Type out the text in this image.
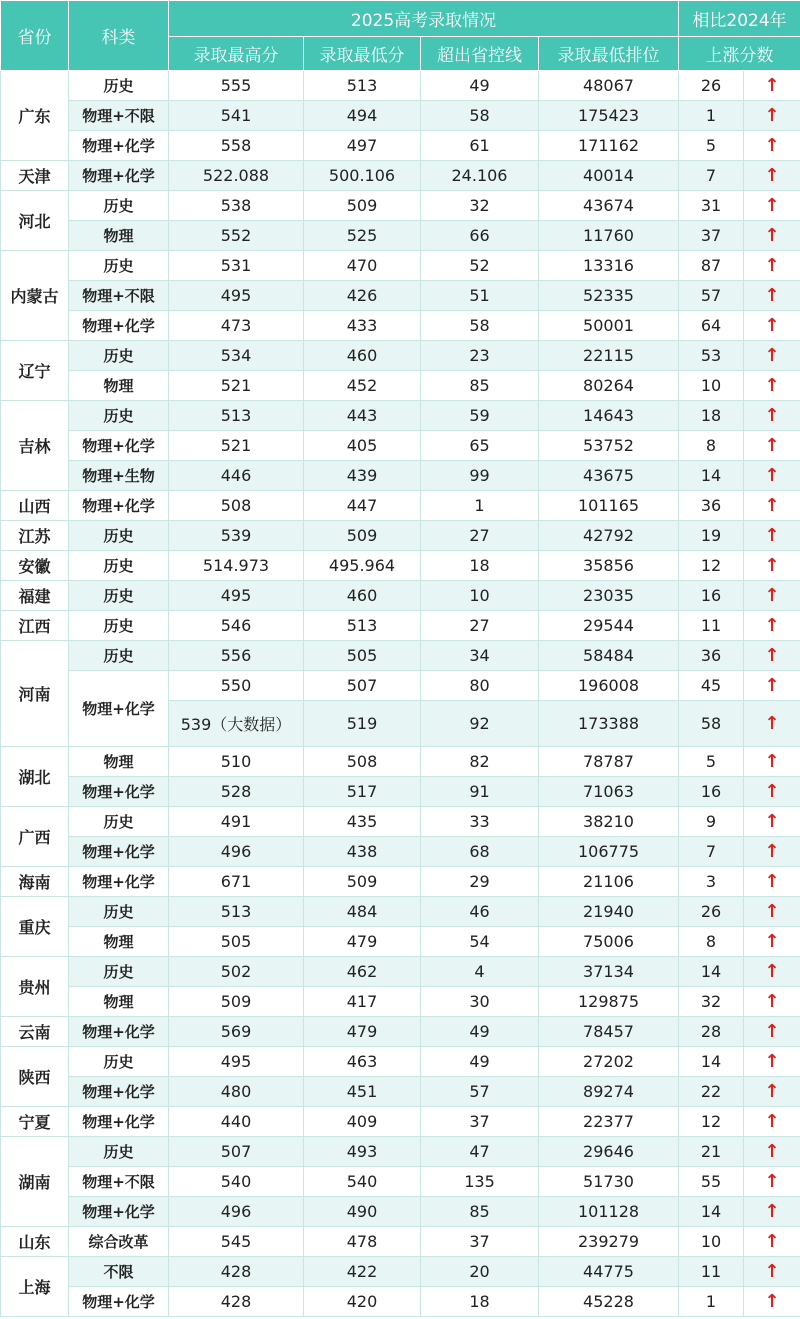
省份	科类	2025高考录取情况				相比2024年	
		录取最高分	录取最低分	超出省控线	录取最低排位	上涨分数	
广东	历史	555	513	49	48067	26	↑
	物理+不限	541	494	58	175423	1	↑
	物理+化学	558	497	61	171162	5	↑
天津	物理+化学	522.088	500.106	24.106	40014	7	↑
河北	历史	538	509	32	43674	31	↑
	物理	552	525	66	11760	37	↑
内蒙古	历史	531	470	52	13316	87	↑
	物理+不限	495	426	51	52335	57	↑
	物理+化学	473	433	58	50001	64	↑
辽宁	历史	534	460	23	22115	53	↑
	物理	521	452	85	80264	10	↑
吉林	历史	513	443	59	14643	18	↑
	物理+化学	521	405	65	53752	8	↑
	物理+生物	446	439	99	43675	14	↑
山西	物理+化学	508	447	1	101165	36	↑
江苏	历史	539	509	27	42792	19	↑
安徽	历史	514.973	495.964	18	35856	12	↑
福建	历史	495	460	10	23035	16	↑
江西	历史	546	513	27	29544	11	↑
河南	历史	556	505	34	58484	36	↑
	物理+化学	550	507	80	196008	45	↑
		539（大数据）	519	92	173388	58	↑
湖北	物理	510	508	82	78787	5	↑
	物理+化学	528	517	91	71063	16	↑
广西	历史	491	435	33	38210	9	↑
	物理+化学	496	438	68	106775	7	↑
海南	物理+化学	671	509	29	21106	3	↑
重庆	历史	513	484	46	21940	26	↑
	物理	505	479	54	75006	8	↑
贵州	历史	502	462	4	37134	14	↑
	物理	509	417	30	129875	32	↑
云南	物理+化学	569	479	49	78457	28	↑
陕西	历史	495	463	49	27202	14	↑
	物理+化学	480	451	57	89274	22	↑
宁夏	物理+化学	440	409	37	22377	12	↑
湖南	历史	507	493	47	29646	21	↑
	物理+不限	540	540	135	51730	55	↑
	物理+化学	496	490	85	101128	14	↑
山东	综合改革	545	478	37	239279	10	↑
上海	不限	428	422	20	44775	11	↑
	物理+化学	428	420	18	45228	1	↑
